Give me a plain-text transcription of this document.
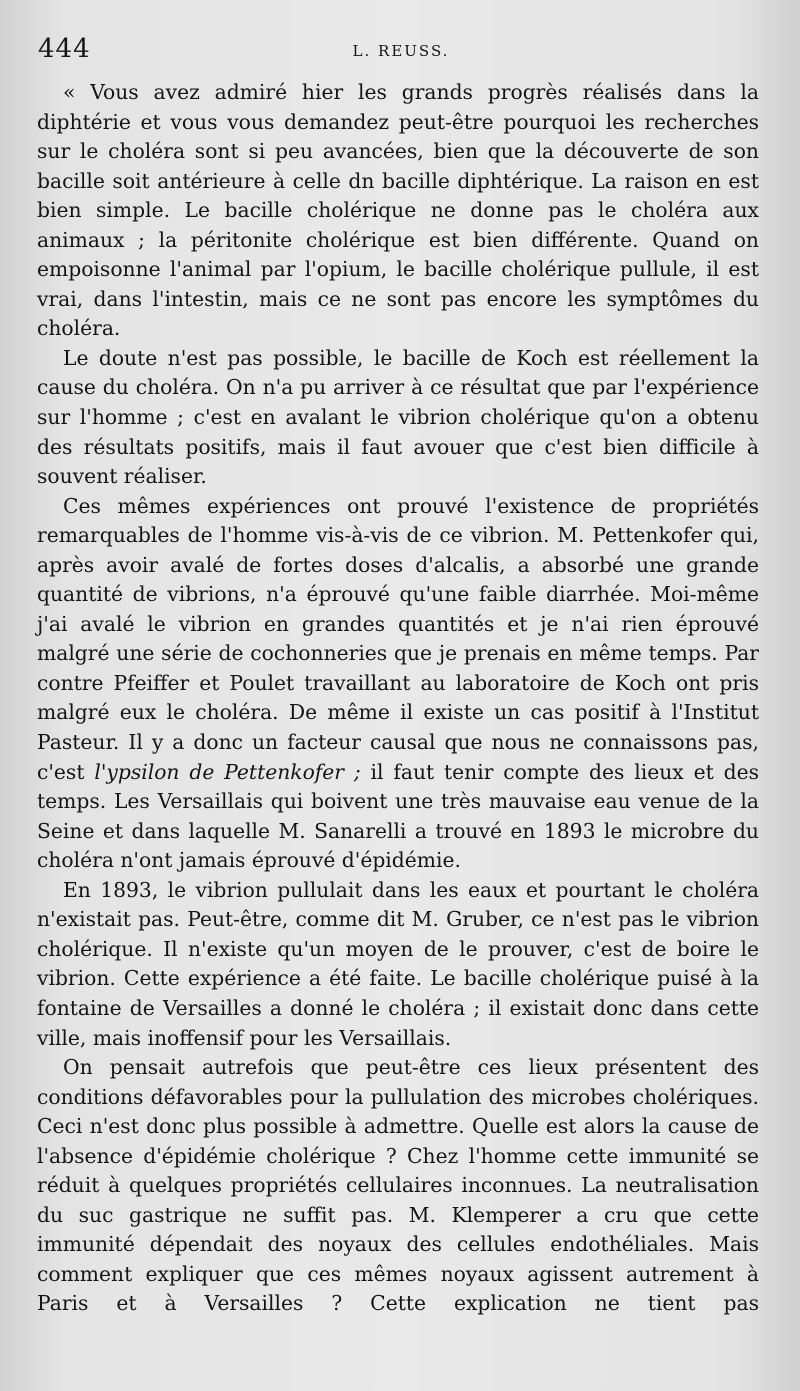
444	L. REUSS.

« Vous avez admiré hier les grands progrès réalisés dans la diphtérie et vous vous demandez peut-être pourquoi les recherches sur le choléra sont si peu avancées, bien que la découverte de son bacille soit antérieure à celle dn bacille diphtérique. La raison en est bien simple. Le bacille cholérique ne donne pas le choléra aux animaux ; la péritonite cholérique est bien différente. Quand on empoisonne l'animal par l'opium, le bacille cholérique pullule, il est vrai, dans l'intestin, mais ce ne sont pas encore les symptômes du choléra.

Le doute n'est pas possible, le bacille de Koch est réellement la cause du choléra. On n'a pu arriver à ce résultat que par l'expérience sur l'homme ; c'est en avalant le vibrion cholérique qu'on a obtenu des résultats positifs, mais il faut avouer que c'est bien difficile à souvent réaliser.

Ces mêmes expériences ont prouvé l'existence de propriétés remarquables de l'homme vis-à-vis de ce vibrion. M. Pettenkofer qui, après avoir avalé de fortes doses d'alcalis, a absorbé une grande quantité de vibrions, n'a éprouvé qu'une faible diarrhée. Moi-même j'ai avalé le vibrion en grandes quantités et je n'ai rien éprouvé malgré une série de cochonneries que je prenais en même temps. Par contre Pfeiffer et Poulet travaillant au laboratoire de Koch ont pris malgré eux le choléra. De même il existe un cas positif à l'Institut Pasteur. Il y a donc un facteur causal que nous ne connaissons pas, c'est l'ypsilon de Pettenkofer ; il faut tenir compte des lieux et des temps. Les Versaillais qui boivent une très mauvaise eau venue de la Seine et dans laquelle M. Sanarelli a trouvé en 1893 le microbre du choléra n'ont jamais éprouvé d'épidémie.

En 1893, le vibrion pullulait dans les eaux et pourtant le choléra n'existait pas. Peut-être, comme dit M. Gruber, ce n'est pas le vibrion cholérique. Il n'existe qu'un moyen de le prouver, c'est de boire le vibrion. Cette expérience a été faite. Le bacille cholérique puisé à la fontaine de Versailles a donné le choléra ; il existait donc dans cette ville, mais inoffensif pour les Versaillais.

On pensait autrefois que peut-être ces lieux présentent des conditions défavorables pour la pullulation des microbes cholériques. Ceci n'est donc plus possible à admettre. Quelle est alors la cause de l'absence d'épidémie cholérique ? Chez l'homme cette immunité se réduit à quelques propriétés cellulaires inconnues. La neutralisation du suc gastrique ne suffit pas. M. Klemperer a cru que cette immunité dépendait des noyaux des cellules endothéliales. Mais comment expliquer que ces mêmes noyaux agissent autrement à Paris et à Versailles ? Cette explication ne tient pas
